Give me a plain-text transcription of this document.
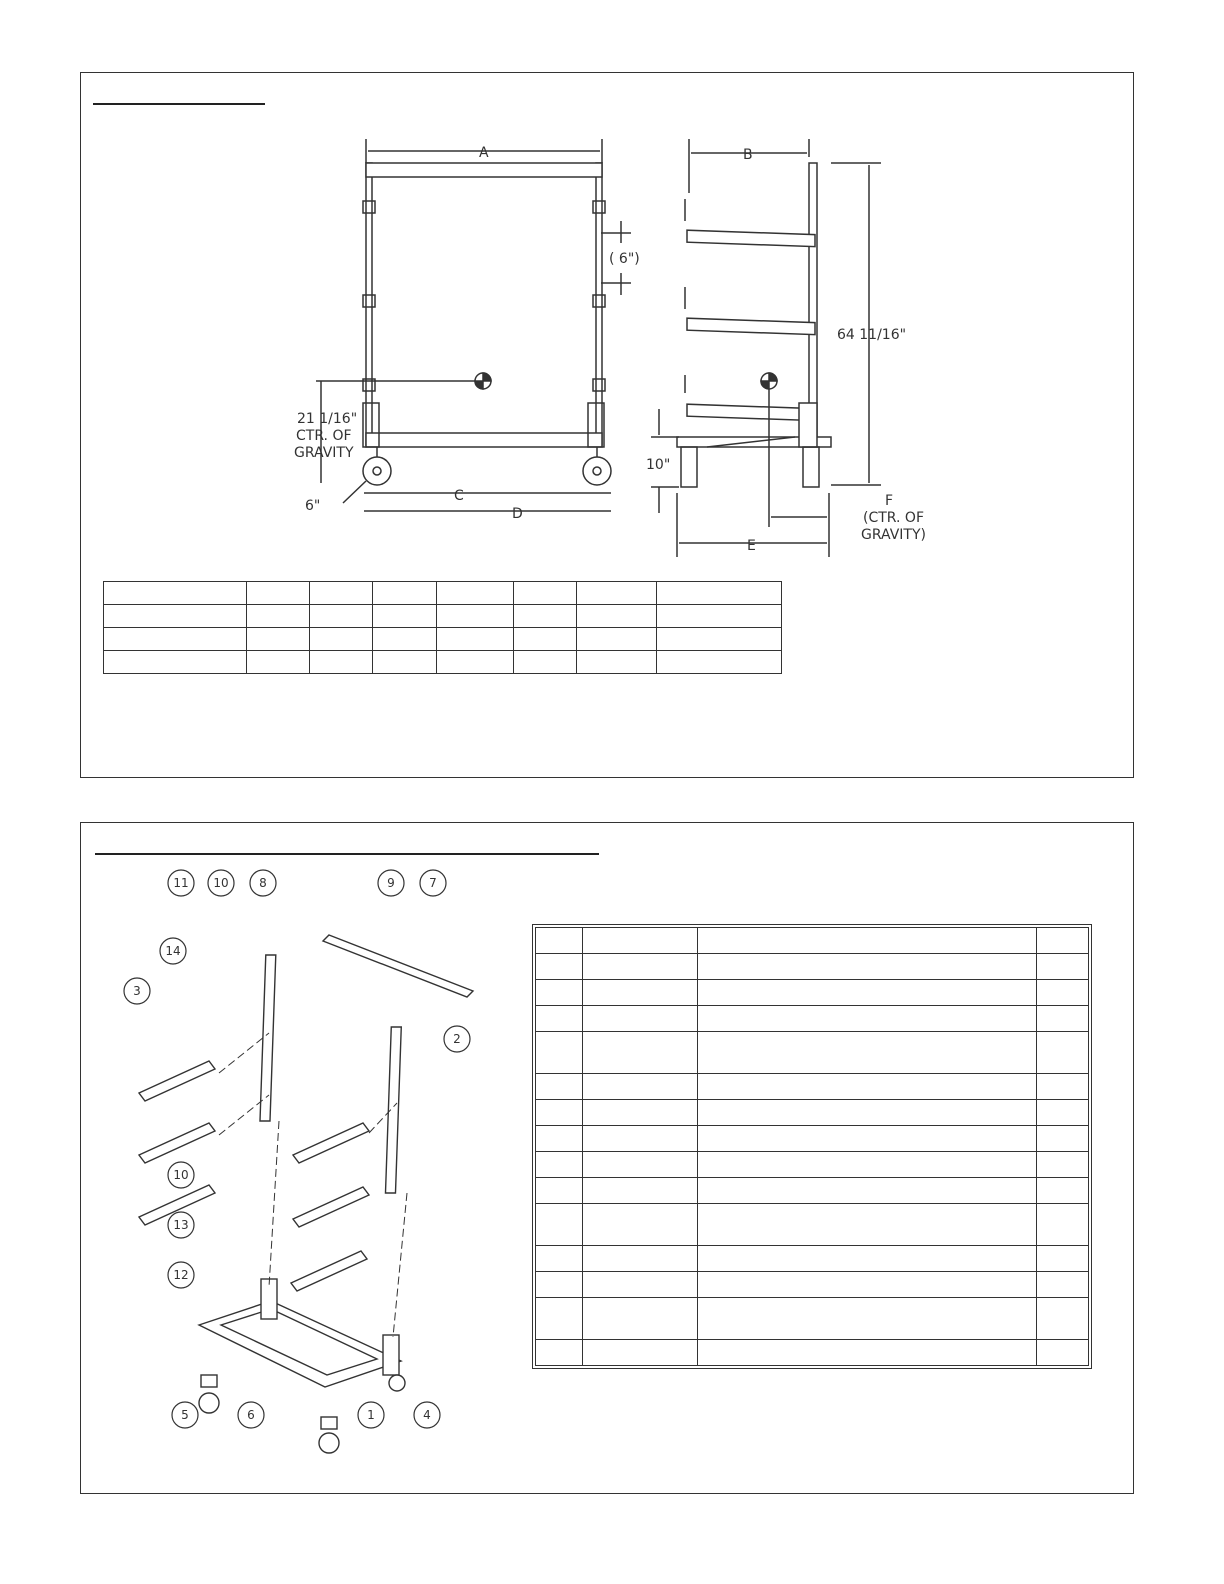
A	B
C
D
E
F
(CTR. OF
GRAVITY)
( 6")
64 11/16"
21 1/16"
CTR. OF
GRAVITY
6"
10"

1
2
3
4
5	6
7
8	9
10
11
12
13
14
10
